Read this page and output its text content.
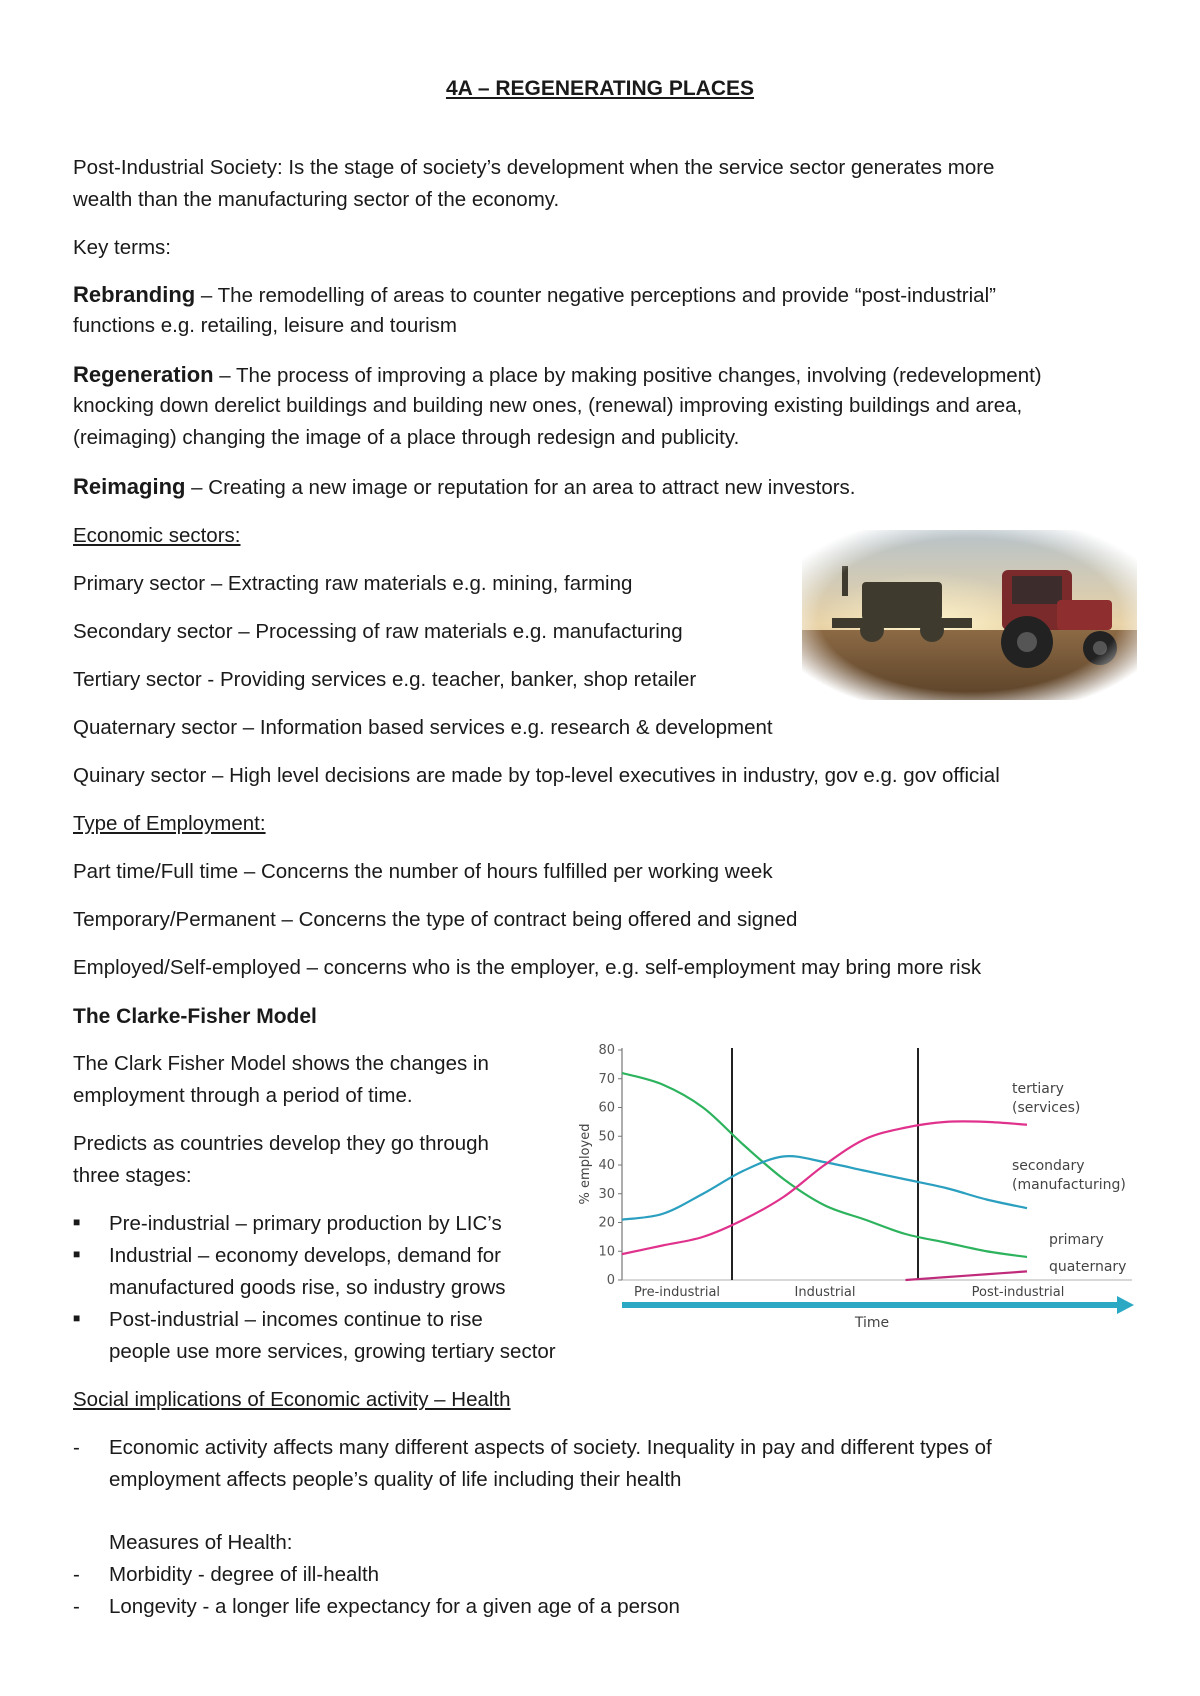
4A – REGENERATING PLACES
Post-Industrial Society: Is the stage of society’s development when the service sector generates more
wealth than the manufacturing sector of the economy.
Key terms:
Rebranding – The remodelling of areas to counter negative perceptions and provide “post-industrial”
functions e.g. retailing, leisure and tourism
Regeneration – The process of improving a place by making positive changes, involving (redevelopment)
knocking down derelict buildings and building new ones, (renewal) improving existing buildings and area,
(reimaging) changing the image of a place through redesign and publicity.
Reimaging – Creating a new image or reputation for an area to attract new investors.
Economic sectors:
Primary sector – Extracting raw materials e.g. mining, farming
Secondary sector – Processing of raw materials e.g. manufacturing
Tertiary sector - Providing services e.g. teacher, banker, shop retailer
Quaternary sector – Information based services e.g. research & development
Quinary sector – High level decisions are made by top-level executives in industry, gov e.g. gov official
Type of Employment:
Part time/Full time – Concerns the number of hours fulfilled per working week
Temporary/Permanent – Concerns the type of contract being offered and signed
Employed/Self-employed – concerns who is the employer, e.g. self-employment may bring more risk
The Clarke-Fisher Model
The Clark Fisher Model shows the changes in
employment through a period of time.
Predicts as countries develop they go through
three stages:
■ Pre-industrial – primary production by LIC’s
■ Industrial – economy develops, demand for
manufactured goods rise, so industry grows
■ Post-industrial – incomes continue to rise
people use more services, growing tertiary sector
0
10
20
30
40
50
60
70
80
tertiary
(services)
secondary
(manufacturing)
primary
quaternary
Pre-industrial	Industrial	Post-industrial
Time
% employed
Social implications of Economic activity – Health
- Economic activity affects many different aspects of society. Inequality in pay and different types of
employment affects people’s quality of life including their health
Measures of Health:
- Morbidity - degree of ill-health
- Longevity - a longer life expectancy for a given age of a person
